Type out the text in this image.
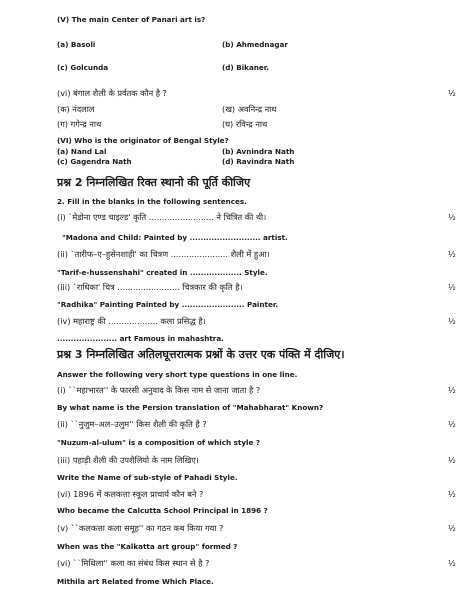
(V) The main Center of Panari art is?
(a) Basoli	(b) Ahmednagar
(c) Golcunda	(d) Bikaner.
(vi) बंगाल शैली के प्रर्वतक कौन है ?	½
(क) नंदलाल	(ख) अवनिन्द्र नाथ
(ग) गगेन्द्र नाथ	(घ) रविन्द्र नाथ
(VI) Who is the originator of Bengal Style?
(a) Nand Lal	(b) Avnindra Nath
(c) Gagendra Nath	(d) Ravindra Nath
प्रश्न 2 निम्नलिखित रिक्त स्थानो की पूर्ति कीजिए
2. Fill in the blanks in the following sentences.
(i) `मेडोना एण्ड चाइल्ड' कृति ......................... ने चित्रित की थी।	½
"Madona and Child: Painted by .......................... artist.
(ii) `तारीफ–ए–हुसेनशाही' का चित्रण ...................... शैली में हुआ।	½
"Tarif-e-hussenshahi" created in ................... Style.
(iii) `राधिका' चित्र ........................ चित्रकार की कृति है।	½
"Radhika" Painting Painted by ....................... Painter.
(iv) महाराष्ट्र की ................... कला प्रसिद्ध है।	½
...................... art Famous in mahashtra.
प्रश्न 3 निम्नलिखित अतिलघूत्तरात्मक प्रश्नों के उत्तर एक पंक्ति में दीजिए।
Answer the following very short type questions in one line.
(i) ``महाभारत'' के फारसी अनुवाद के किस नाम से जाना जाता है ?	½
By what name is the Persion translation of "Mahabharat" Known?
(ii) ``नुजुम–अल–उलुम'' किस शैली की कृति है ?	½
"Nuzum-al-ulum" is a composition of which style ?
(iii) पहाड़ी शैली की उपशैलियो के नाम लिखिए।	½
Write the Name of sub-style of Pahadi Style.
(vi) 1896 में कलकत्ता स्कूल प्राचार्य कौन बने ?	½
Who became the Calcutta School Principal in 1896 ?
(v) ``कलकत्ता कला समूह'' का गठन कब किया गया ?	½
When was the "Kalkatta art group" formed ?
(vi) ``मिथिला'' कला का संबंध किस स्थान से है ?	½
Mithila art Related frome Which Place.
